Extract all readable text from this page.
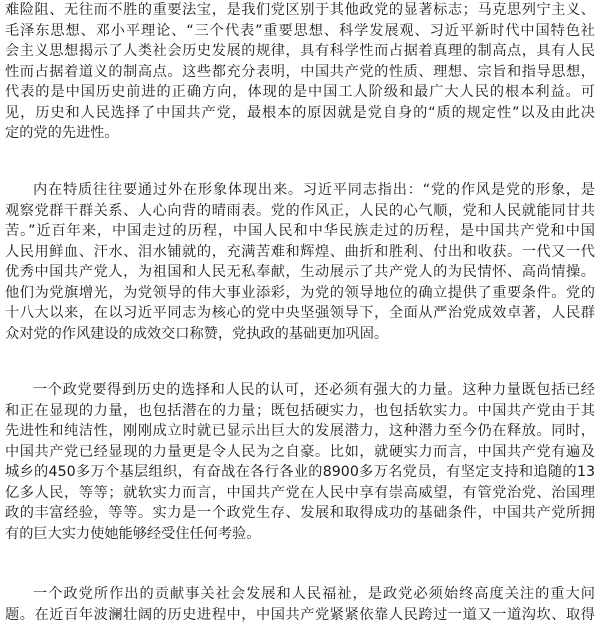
难险阻、无往而不胜的重要法宝，是我们党区别于其他政党的显著标志；马克思列宁主义、
毛泽东思想、邓小平理论、“三个代表”重要思想、科学发展观、习近平新时代中国特色社
会主义思想揭示了人类社会历史发展的规律，具有科学性而占据着真理的制高点，具有人民
性而占据着道义的制高点。这些都充分表明，中国共产党的性质、理想、宗旨和指导思想，
代表的是中国历史前进的正确方向，体现的是中国工人阶级和最广大人民的根本利益。可
见，历史和人民选择了中国共产党，最根本的原因就是党自身的“质的规定性”以及由此决
定的党的先进性。
内在特质往往要通过外在形象体现出来。习近平同志指出：“党的作风是党的形象，是
观察党群干群关系、人心向背的晴雨表。党的作风正，人民的心气顺，党和人民就能同甘共
苦。”近百年来，中国走过的历程，中国人民和中华民族走过的历程，是中国共产党和中国
人民用鲜血、汗水、泪水铺就的，充满苦难和辉煌、曲折和胜利、付出和收获。一代又一代
优秀中国共产党人，为祖国和人民无私奉献，生动展示了共产党人的为民情怀、高尚情操。
他们为党旗增光，为党领导的伟大事业添彩，为党的领导地位的确立提供了重要条件。党的
十八大以来，在以习近平同志为核心的党中央坚强领导下，全面从严治党成效卓著，人民群
众对党的作风建设的成效交口称赞，党执政的基础更加巩固。
一个政党要得到历史的选择和人民的认可，还必须有强大的力量。这种力量既包括已经
和正在显现的力量，也包括潜在的力量；既包括硬实力，也包括软实力。中国共产党由于其
先进性和纯洁性，刚刚成立时就已显示出巨大的发展潜力，这种潜力至今仍在释放。同时，
中国共产党已经显现的力量更是令人民为之自豪。比如，就硬实力而言，中国共产党有遍及
城乡的450多万个基层组织，有奋战在各行各业的8900多万名党员，有坚定支持和追随的13
亿多人民，等等；就软实力而言，中国共产党在人民中享有崇高威望，有管党治党、治国理
政的丰富经验，等等。实力是一个政党生存、发展和取得成功的基础条件，中国共产党所拥
有的巨大实力使她能够经受住任何考验。
一个政党所作出的贡献事关社会发展和人民福祉，是政党必须始终高度关注的重大问
题。在近百年波澜壮阔的历史进程中，中国共产党紧紧依靠人民跨过一道又一道沟坎、取得
